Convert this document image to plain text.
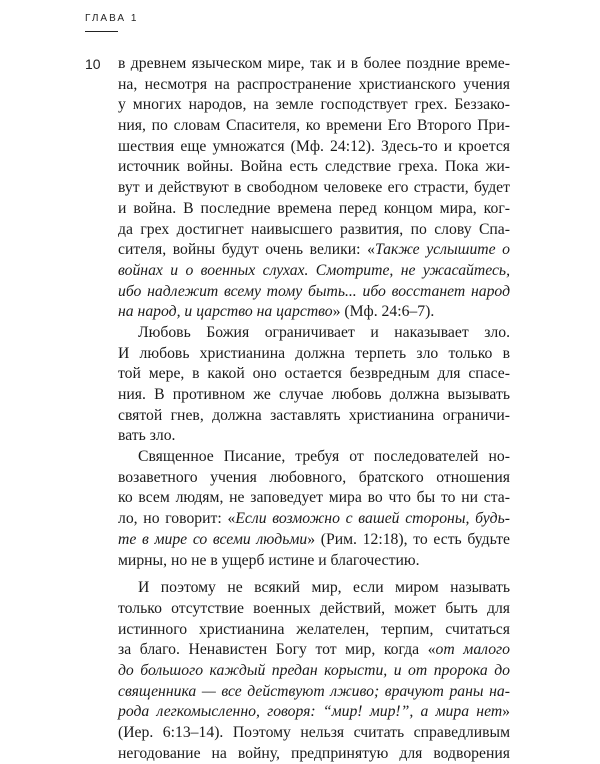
ГЛАВА 1
10 в древнем языческом мире, так и в более поздние време-
на, несмотря на распространение христианского учения
у многих народов, на земле господствует грех. Беззако-
ния, по словам Спасителя, ко времени Его Второго При-
шествия еще умножатся (Мф. 24:12). Здесь-то и кроется
источник войны. Война есть следствие греха. Пока жи-
вут и действуют в свободном человеке его страсти, будет
и война. В последние времена перед концом мира, ког-
да грех достигнет наивысшего развития, по слову Спа-
сителя, войны будут очень велики: «Также услышите о
войнах и о военных слухах. Смотрите, не ужасайтесь,
ибо надлежит всему тому быть... ибо восстанет народ
на народ, и царство на царство» (Мф. 24:6–7).
Любовь Божия ограничивает и наказывает зло.
И любовь христианина должна терпеть зло только в
той мере, в какой оно остается безвредным для спасе-
ния. В противном же случае любовь должна вызывать
святой гнев, должна заставлять христианина ограничи-
вать зло.
Священное Писание, требуя от последователей но-
возаветного учения любовного, братского отношения
ко всем людям, не заповедует мира во что бы то ни ста-
ло, но говорит: «Если возможно с вашей стороны, будь-
те в мире со всеми людьми» (Рим. 12:18), то есть будьте
мирны, но не в ущерб истине и благочестию.
И поэтому не всякий мир, если миром называть
только отсутствие военных действий, может быть для
истинного христианина желателен, терпим, считаться
за благо. Ненавистен Богу тот мир, когда «от малого
до большого каждый предан корысти, и от пророка до
священника — все действуют лживо; врачуют раны на-
рода легкомысленно, говоря: “мир! мир!”, а мира нет»
(Иер. 6:13–14). Поэтому нельзя считать справедливым
негодование на войну, предпринятую для водворения
